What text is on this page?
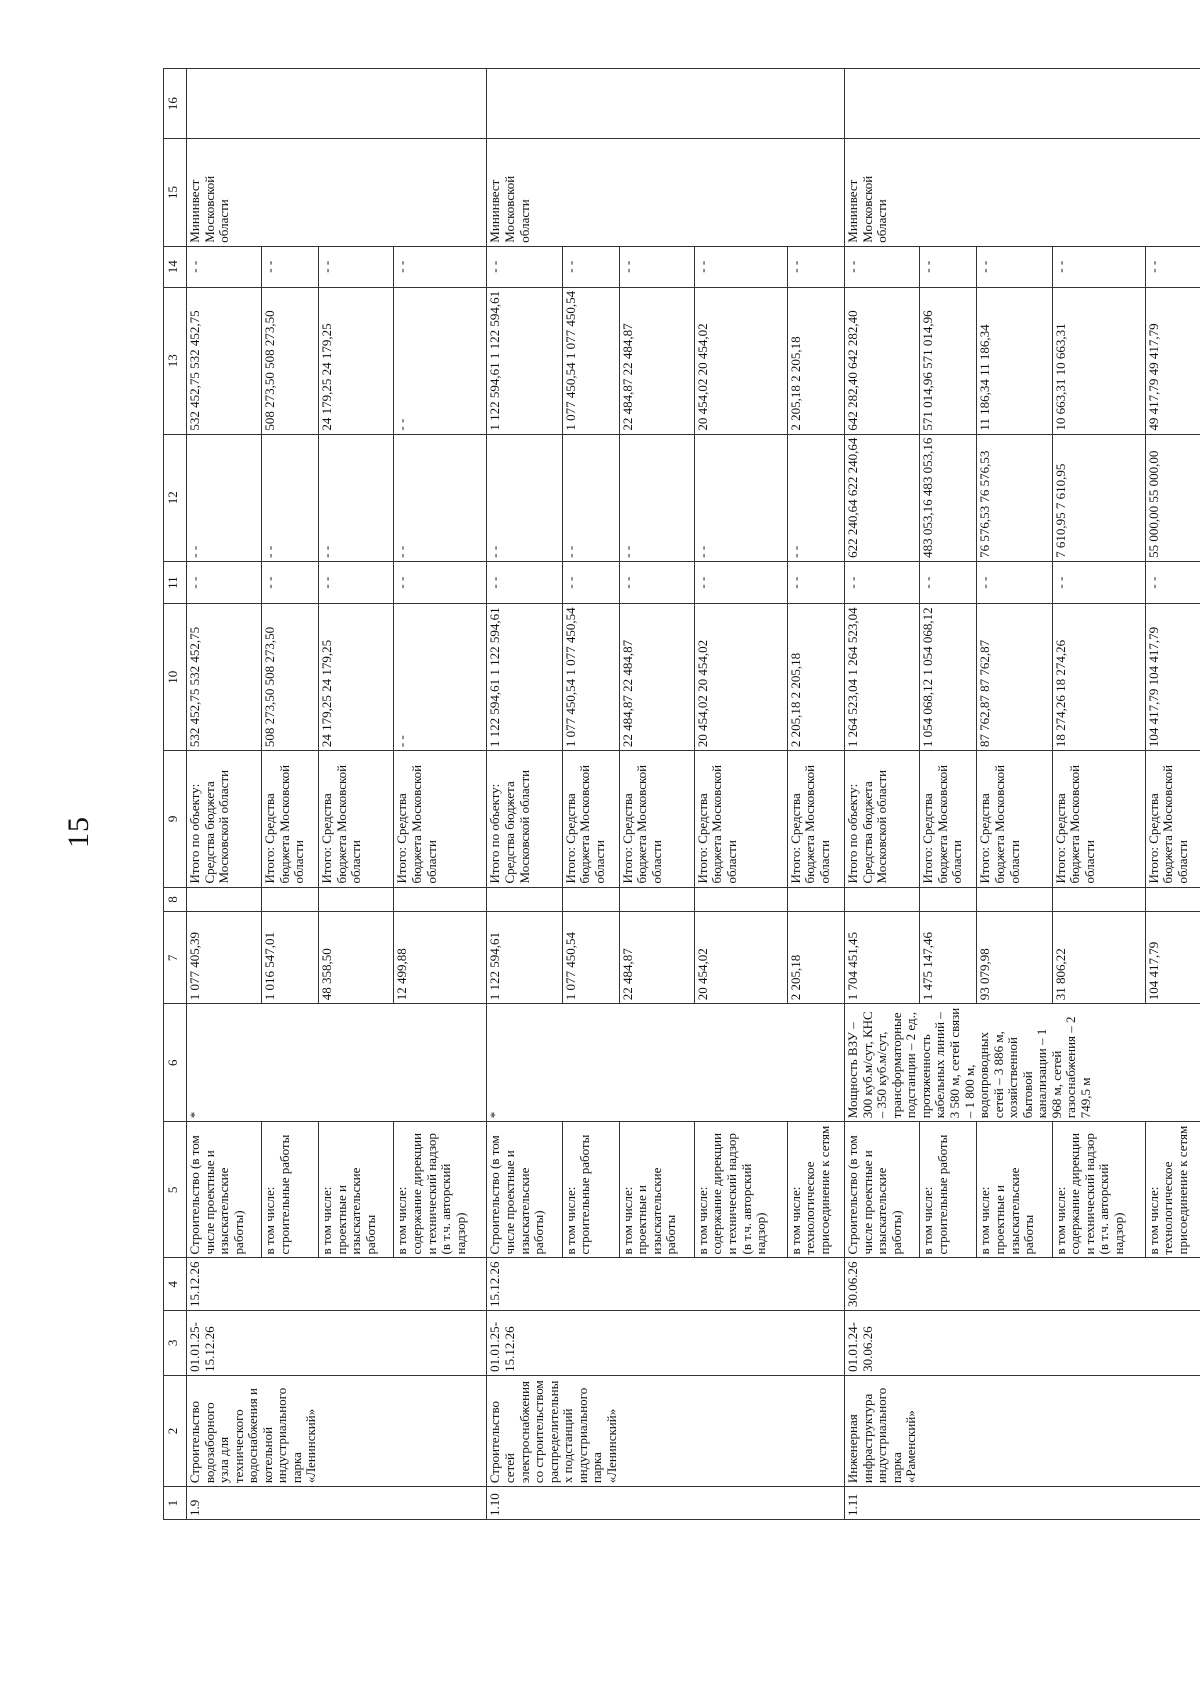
15
1	2	3	4	5	6	7	8	9	10	11	12	13	14	15	16
1.9	Строительство водозаборного узла для технического водоснабжения и котельной индустриального парка «Ленинский»	01.01.25-15.12.26	15.12.26	Строительство (в том числе проектные и изыскательские работы)	*	1 077 405,39		Итого по объекту: Средства бюджета Московской области	532 452,75 532 452,75	- -	- -	532 452,75 532 452,75	- -	Мининвест Московской области	
				в том числе: строительные работы		1 016 547,01		Итого: Средства бюджета Московской области	508 273,50 508 273,50	- -	- -	508 273,50 508 273,50	- -		
				в том числе: проектные и изыскательские работы		48 358,50		Итого: Средства бюджета Московской области	24 179,25 24 179,25	- -	- -	24 179,25 24 179,25	- -		
				в том числе: содержание дирекции и технический надзор (в т.ч. авторский надзор)		12 499,88		Итого: Средства бюджета Московской области	- -	- -	- -	- -	- -		
1.10	Строительство сетей электроснабжения со строительством распределительны х подстанций индустриального парка «Ленинский»	01.01.25-15.12.26	15.12.26	Строительство (в том числе проектные и изыскательские работы)	*	1 122 594,61		Итого по объекту: Средства бюджета Московской области	1 122 594,61 1 122 594,61	- -	- -	1 122 594,61 1 122 594,61	- -	Мининвест Московской области	
				в том числе: строительные работы		1 077 450,54		Итого: Средства бюджета Московской области	1 077 450,54 1 077 450,54	- -	- -	1 077 450,54 1 077 450,54	- -		
				в том числе: проектные и изыскательские работы		22 484,87		Итого: Средства бюджета Московской области	22 484,87 22 484,87	- -	- -	22 484,87 22 484,87	- -		
				в том числе: содержание дирекции и технический надзор (в т.ч. авторский надзор)		20 454,02		Итого: Средства бюджета Московской области	20 454,02 20 454,02	- -	- -	20 454,02 20 454,02	- -		
				в том числе: технологическое присоединение к сетям		2 205,18		Итого: Средства бюджета Московской области	2 205,18 2 205,18	- -	- -	2 205,18 2 205,18	- -		
1.11	Инженерная инфраструктура индустриального парка «Раменский»	01.01.24-30.06.26	30.06.26	Строительство (в том числе проектные и изыскательские работы)	Мощность ВЗУ – 300 куб.м/сут, КНС – 350 куб.м/сут, трансформаторные подстанции – 2 ед., протяженность кабельных линий – 3 580 м, сетей связи – 1 800 м, водопроводных сетей – 3 886 м, хозяйственной бытовой канализации – 1 968 м, сетей газоснабжения – 2 749,5 м	1 704 451,45		Итого по объекту: Средства бюджета Московской области	1 264 523,04 1 264 523,04	- -	622 240,64 622 240,64	642 282,40 642 282,40	- -	Мининвест Московской области	
				в том числе: строительные работы		1 475 147,46		Итого: Средства бюджета Московской области	1 054 068,12 1 054 068,12	- -	483 053,16 483 053,16	571 014,96 571 014,96	- -		
				в том числе: проектные и изыскательские работы		93 079,98		Итого: Средства бюджета Московской области	87 762,87 87 762,87	- -	76 576,53 76 576,53	11 186,34 11 186,34	- -		
				в том числе: содержание дирекции и технический надзор (в т.ч. авторский надзор)		31 806,22		Итого: Средства бюджета Московской области	18 274,26 18 274,26	- -	7 610,95 7 610,95	10 663,31 10 663,31	- -		
				в том числе: технологическое присоединение к сетям		104 417,79		Итого: Средства бюджета Московской области	104 417,79 104 417,79	- -	55 000,00 55 000,00	49 417,79 49 417,79	- -		
